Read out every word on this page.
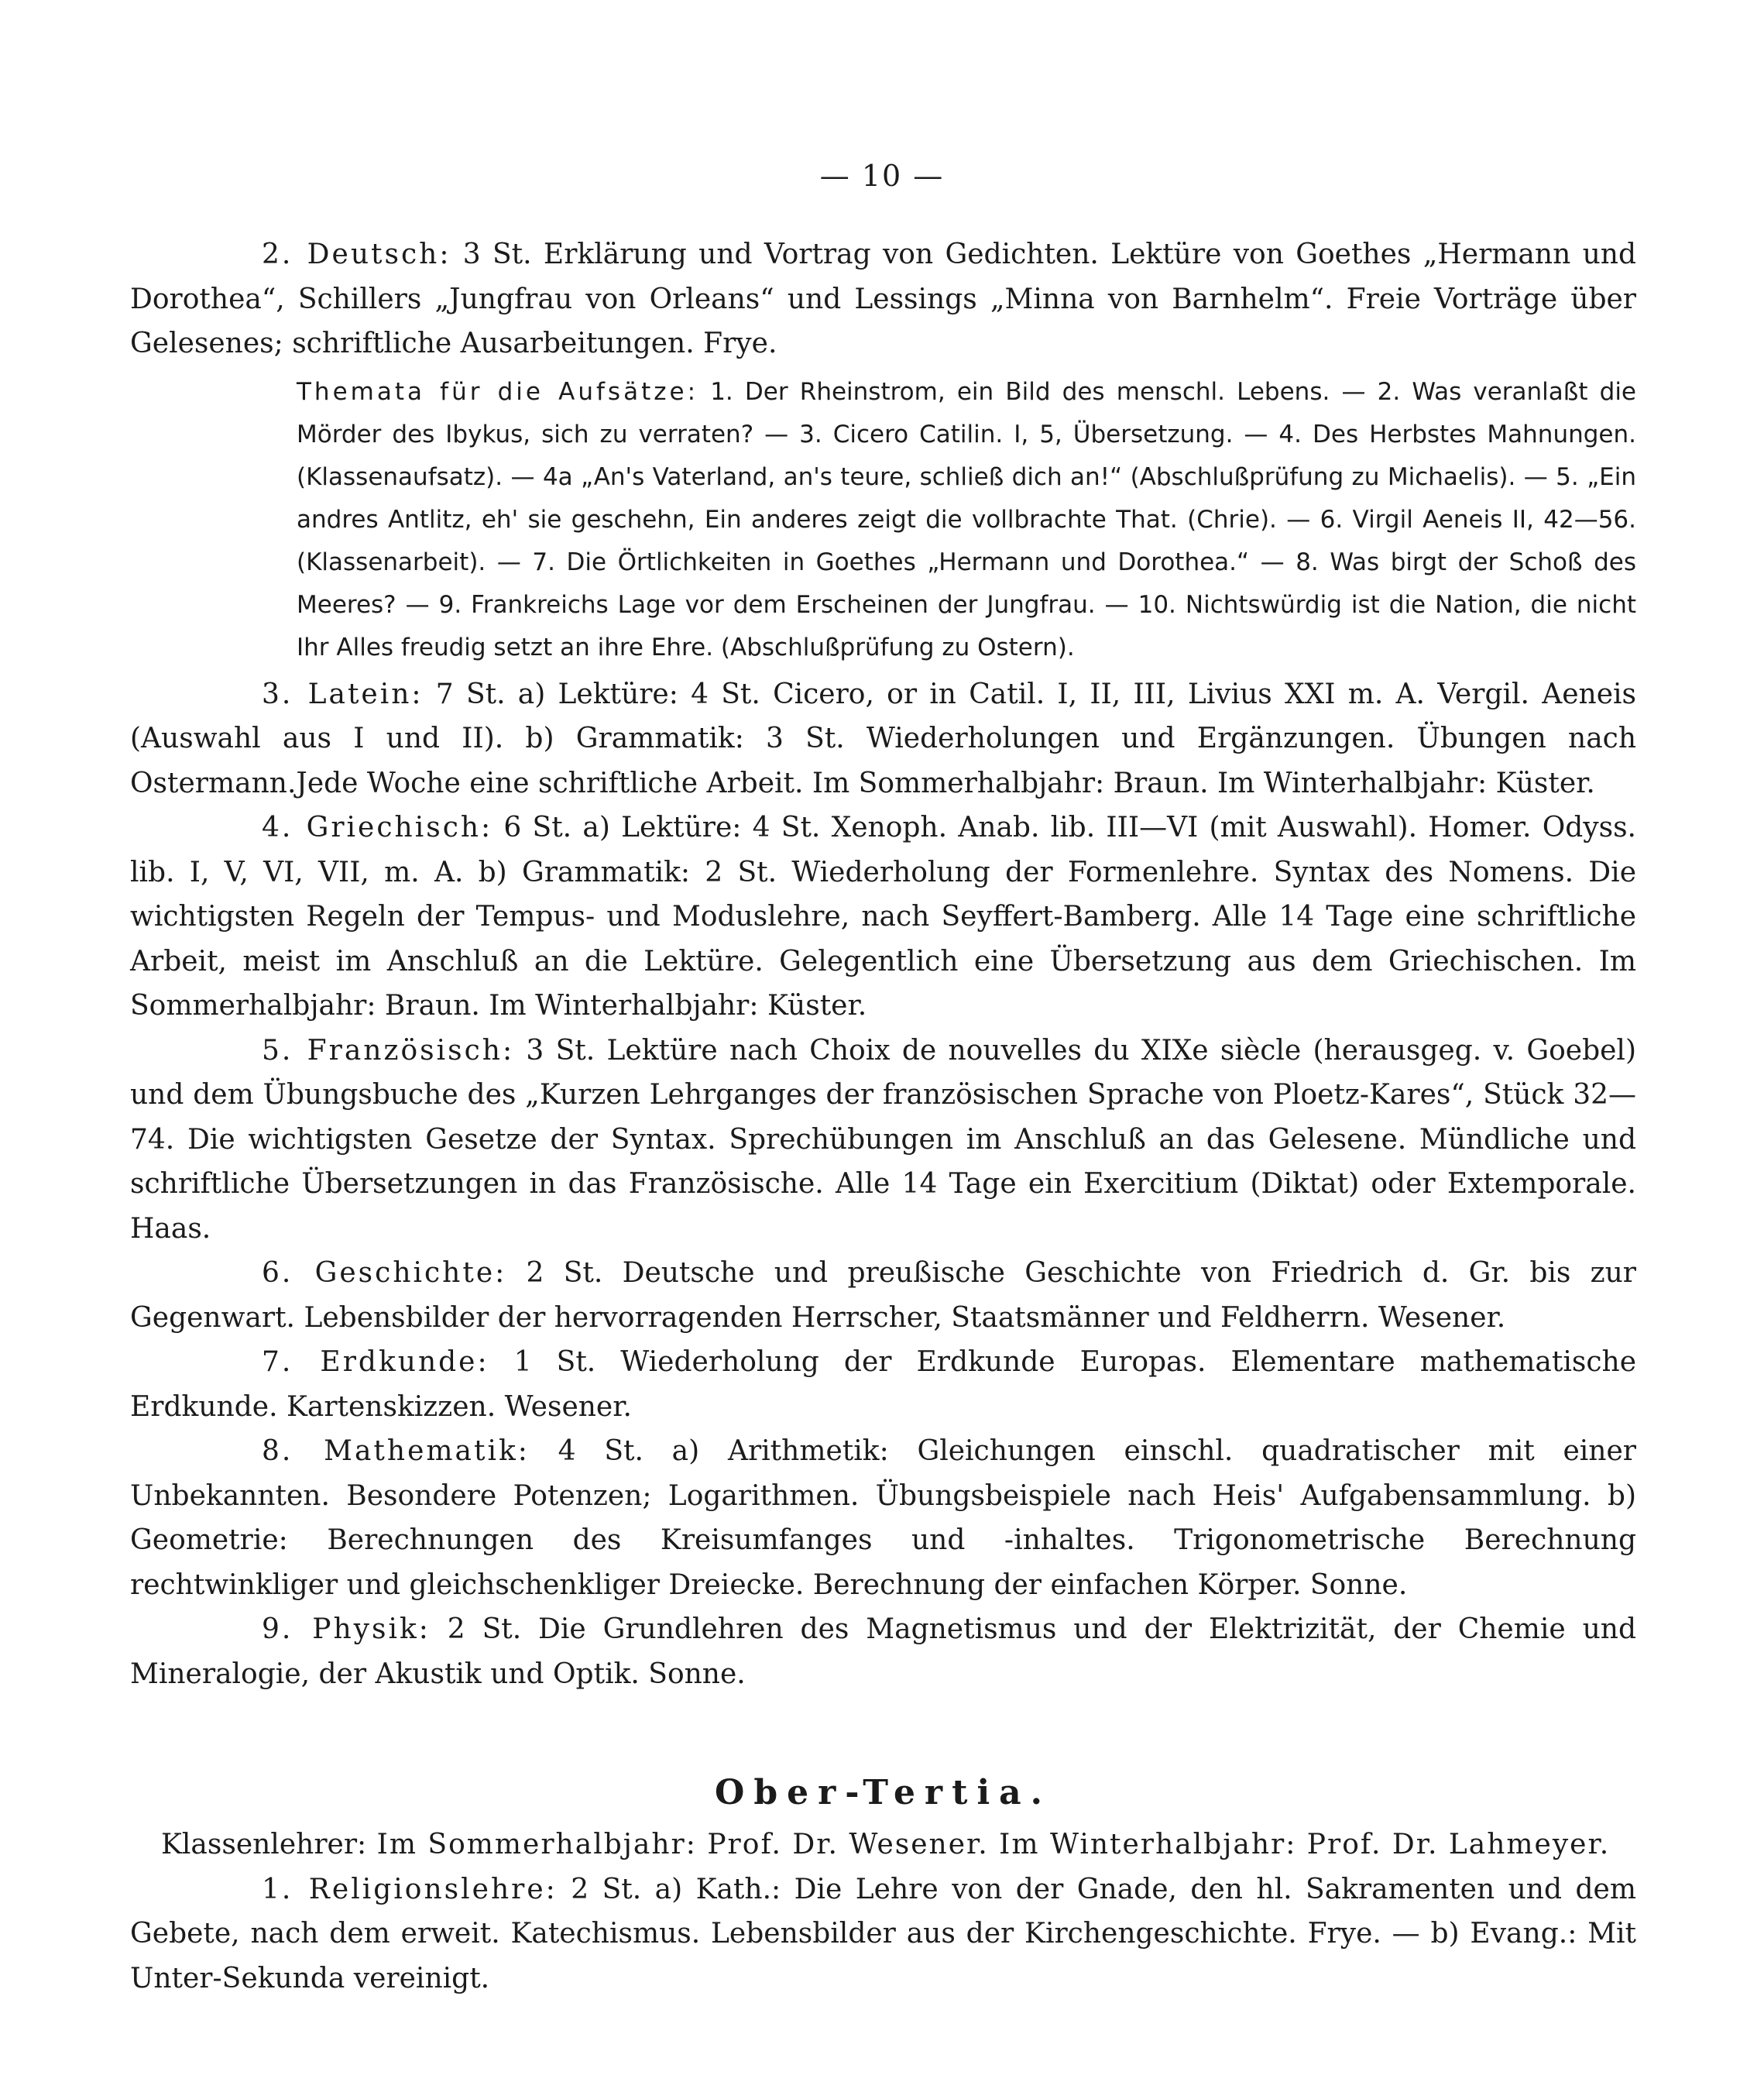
— 10 —

2. Deutsch: 3 St. Erklärung und Vortrag von Gedichten. Lektüre von Goethes „Hermann und Dorothea“, Schillers „Jungfrau von Orleans“ und Lessings „Minna von Barnhelm“. Freie Vorträge über Gelesenes; schriftliche Ausarbeitungen. Frye.

Themata für die Aufsätze: 1. Der Rheinstrom, ein Bild des menschl. Lebens. — 2. Was veranlaßt die Mörder des Ibykus, sich zu verraten? — 3. Cicero Catilin. I, 5, Übersetzung. — 4. Des Herbstes Mahnungen. (Klassenaufsatz). — 4a „An's Vaterland, an's teure, schließ dich an!“ (Abschlußprüfung zu Michaelis). — 5. „Ein andres Antlitz, eh' sie geschehn, Ein anderes zeigt die vollbrachte That. (Chrie). — 6. Virgil Aeneis II, 42—56. (Klassenarbeit). — 7. Die Örtlichkeiten in Goethes „Hermann und Dorothea.“ — 8. Was birgt der Schoß des Meeres? — 9. Frankreichs Lage vor dem Erscheinen der Jungfrau. — 10. Nichtswürdig ist die Nation, die nicht Ihr Alles freudig setzt an ihre Ehre. (Abschlußprüfung zu Ostern).

3. Latein: 7 St. a) Lektüre: 4 St. Cicero, or in Catil. I, II, III, Livius XXI m. A. Vergil. Aeneis (Auswahl aus I und II). b) Grammatik: 3 St. Wiederholungen und Ergänzungen. Übungen nach Ostermann.Jede Woche eine schriftliche Arbeit. Im Sommerhalbjahr: Braun. Im Winterhalbjahr: Küster.

4. Griechisch: 6 St. a) Lektüre: 4 St. Xenoph. Anab. lib. III—VI (mit Auswahl). Homer. Odyss. lib. I, V, VI, VII, m. A. b) Grammatik: 2 St. Wiederholung der Formenlehre. Syntax des Nomens. Die wichtigsten Regeln der Tempus- und Moduslehre, nach Seyffert-Bamberg. Alle 14 Tage eine schriftliche Arbeit, meist im Anschluß an die Lektüre. Gelegentlich eine Übersetzung aus dem Griechischen. Im Sommerhalbjahr: Braun. Im Winterhalbjahr: Küster.

5. Französisch: 3 St. Lektüre nach Choix de nouvelles du XIXe siècle (herausgeg. v. Goebel) und dem Übungsbuche des „Kurzen Lehrganges der französischen Sprache von Ploetz-Kares“, Stück 32—74. Die wichtigsten Gesetze der Syntax. Sprechübungen im Anschluß an das Gelesene. Mündliche und schriftliche Übersetzungen in das Französische. Alle 14 Tage ein Exercitium (Diktat) oder Extemporale. Haas.

6. Geschichte: 2 St. Deutsche und preußische Geschichte von Friedrich d. Gr. bis zur Gegenwart. Lebensbilder der hervorragenden Herrscher, Staatsmänner und Feldherrn. Wesener.

7. Erdkunde: 1 St. Wiederholung der Erdkunde Europas. Elementare mathematische Erdkunde. Kartenskizzen. Wesener.

8. Mathematik: 4 St. a) Arithmetik: Gleichungen einschl. quadratischer mit einer Unbekannten. Besondere Potenzen; Logarithmen. Übungsbeispiele nach Heis' Aufgabensammlung. b) Geometrie: Berechnungen des Kreisumfanges und -inhaltes. Trigonometrische Berechnung rechtwinkliger und gleichschenkliger Dreiecke. Berechnung der einfachen Körper. Sonne.

9. Physik: 2 St. Die Grundlehren des Magnetismus und der Elektrizität, der Chemie und Mineralogie, der Akustik und Optik. Sonne.

Ober-Tertia.

Klassenlehrer: Im Sommerhalbjahr: Prof. Dr. Wesener. Im Winterhalbjahr: Prof. Dr. Lahmeyer.

1. Religionslehre: 2 St. a) Kath.: Die Lehre von der Gnade, den hl. Sakramenten und dem Gebete, nach dem erweit. Katechismus. Lebensbilder aus der Kirchengeschichte. Frye. — b) Evang.: Mit Unter-Sekunda vereinigt.
